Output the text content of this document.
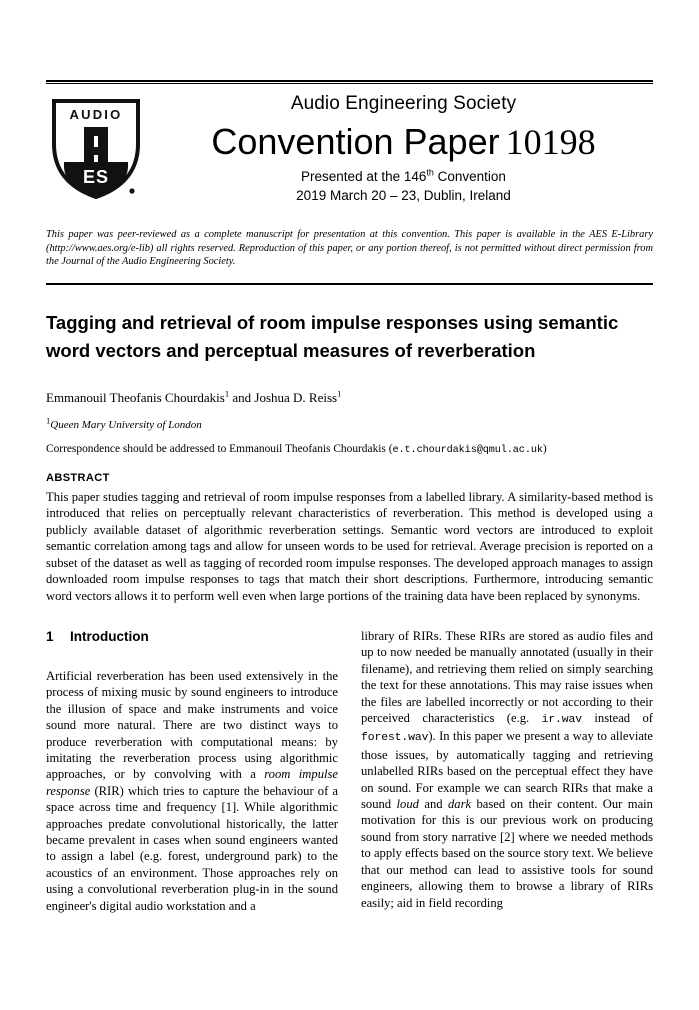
AUDIO
ES
Audio Engineering Society
Convention Paper 10198
Presented at the 146th Convention
2019 March 20 – 23, Dublin, Ireland
This paper was peer-reviewed as a complete manuscript for presentation at this convention. This paper is available in the AES E-Library (http://www.aes.org/e-lib) all rights reserved. Reproduction of this paper, or any portion thereof, is not permitted without direct permission from the Journal of the Audio Engineering Society.
Tagging and retrieval of room impulse responses using semantic word vectors and perceptual measures of reverberation
Emmanouil Theofanis Chourdakis$^1$ and Joshua D. Reiss$^1$
$^1$Queen Mary University of London
Correspondence should be addressed to Emmanouil Theofanis Chourdakis (e.t.chourdakis@qmul.ac.uk)
ABSTRACT
This paper studies tagging and retrieval of room impulse responses from a labelled library. A similarity-based method is introduced that relies on perceptually relevant characteristics of reverberation. This method is developed using a publicly available dataset of algorithmic reverberation settings. Semantic word vectors are introduced to exploit semantic correlation among tags and allow for unseen words to be used for retrieval. Average precision is reported on a subset of the dataset as well as tagging of recorded room impulse responses. The developed approach manages to assign downloaded room impulse responses to tags that match their short descriptions. Furthermore, introducing semantic word vectors allows it to perform well even when large portions of the training data have been replaced by synonyms.
1 Introduction

Artificial reverberation has been used extensively in the process of mixing music by sound engineers to introduce the illusion of space and make instruments and voice sound more natural. There are two distinct ways to produce reverberation with computational means: by imitating the reverberation process using algorithmic approaches, or by convolving with a room impulse response (RIR) which tries to capture the behaviour of a space across time and frequency [1]. While algorithmic approaches predate convolutional historically, the latter became prevalent in cases when sound engineers wanted to assign a label (e.g. forest, underground park) to the acoustics of an environment. Those approaches rely on using a convolutional reverberation plug-in in the sound engineer's digital audio workstation and a

library of RIRs. These RIRs are stored as audio files and up to now needed be manually annotated (usually in their filename), and retrieving them relied on simply searching the text for these annotations. This may raise issues when the files are labelled incorrectly or not according to their perceived characteristics (e.g. ir.wav instead of forest.wav). In this paper we present a way to alleviate those issues, by automatically tagging and retrieving unlabelled RIRs based on the perceptual effect they have on sound. For example we can search RIRs that make a sound loud and dark based on their content. Our main motivation for this is our previous work on producing sound from story narrative [2] where we needed methods to apply effects based on the source story text. We believe that our method can lead to assistive tools for sound engineers, allowing them to browse a library of RIRs easily; aid in field recording
